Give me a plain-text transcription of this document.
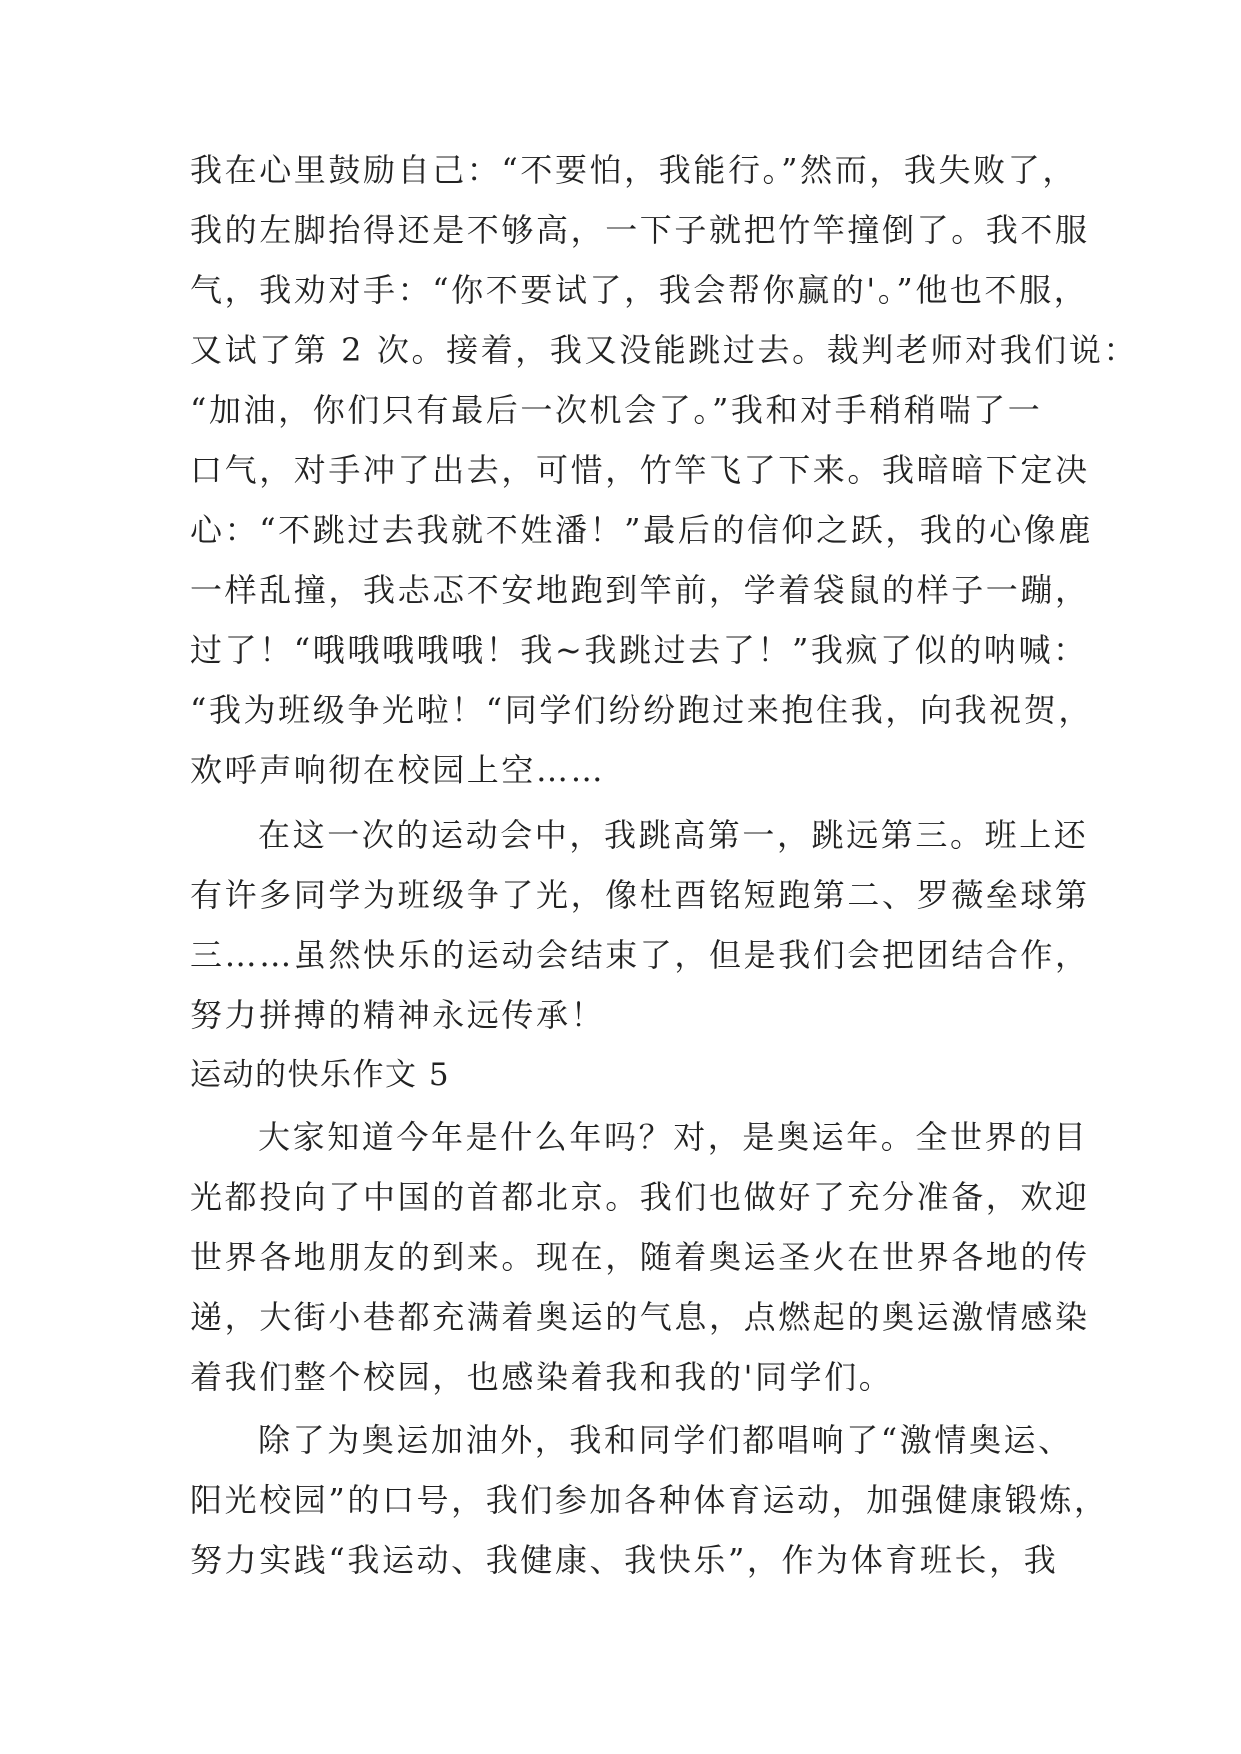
我在心里鼓励自己：“不要怕，我能行。”然而，我失败了，
我的左脚抬得还是不够高，一下子就把竹竿撞倒了。我不服
气，我劝对手：“你不要试了，我会帮你赢的'。”他也不服，
又试了第 2 次。接着，我又没能跳过去。裁判老师对我们说：
“加油，你们只有最后一次机会了。”我和对手稍稍喘了一
口气，对手冲了出去，可惜，竹竿飞了下来。我暗暗下定决
心：“不跳过去我就不姓潘！”最后的信仰之跃，我的心像鹿
一样乱撞，我忐忑不安地跑到竿前，学着袋鼠的样子一蹦，
过了！“哦哦哦哦哦！我~我跳过去了！”我疯了似的呐喊：
“我为班级争光啦！“同学们纷纷跑过来抱住我，向我祝贺，
欢呼声响彻在校园上空……
在这一次的运动会中，我跳高第一，跳远第三。班上还
有许多同学为班级争了光，像杜酉铭短跑第二、罗薇垒球第
三……虽然快乐的运动会结束了，但是我们会把团结合作，
努力拼搏的精神永远传承！
运动的快乐作文 5
大家知道今年是什么年吗？对，是奥运年。全世界的目
光都投向了中国的首都北京。我们也做好了充分准备，欢迎
世界各地朋友的到来。现在，随着奥运圣火在世界各地的传
递，大街小巷都充满着奥运的气息，点燃起的奥运激情感染
着我们整个校园，也感染着我和我的'同学们。
除了为奥运加油外，我和同学们都唱响了“激情奥运、
阳光校园”的口号，我们参加各种体育运动，加强健康锻炼，
努力实践“我运动、我健康、我快乐”，作为体育班长，我
